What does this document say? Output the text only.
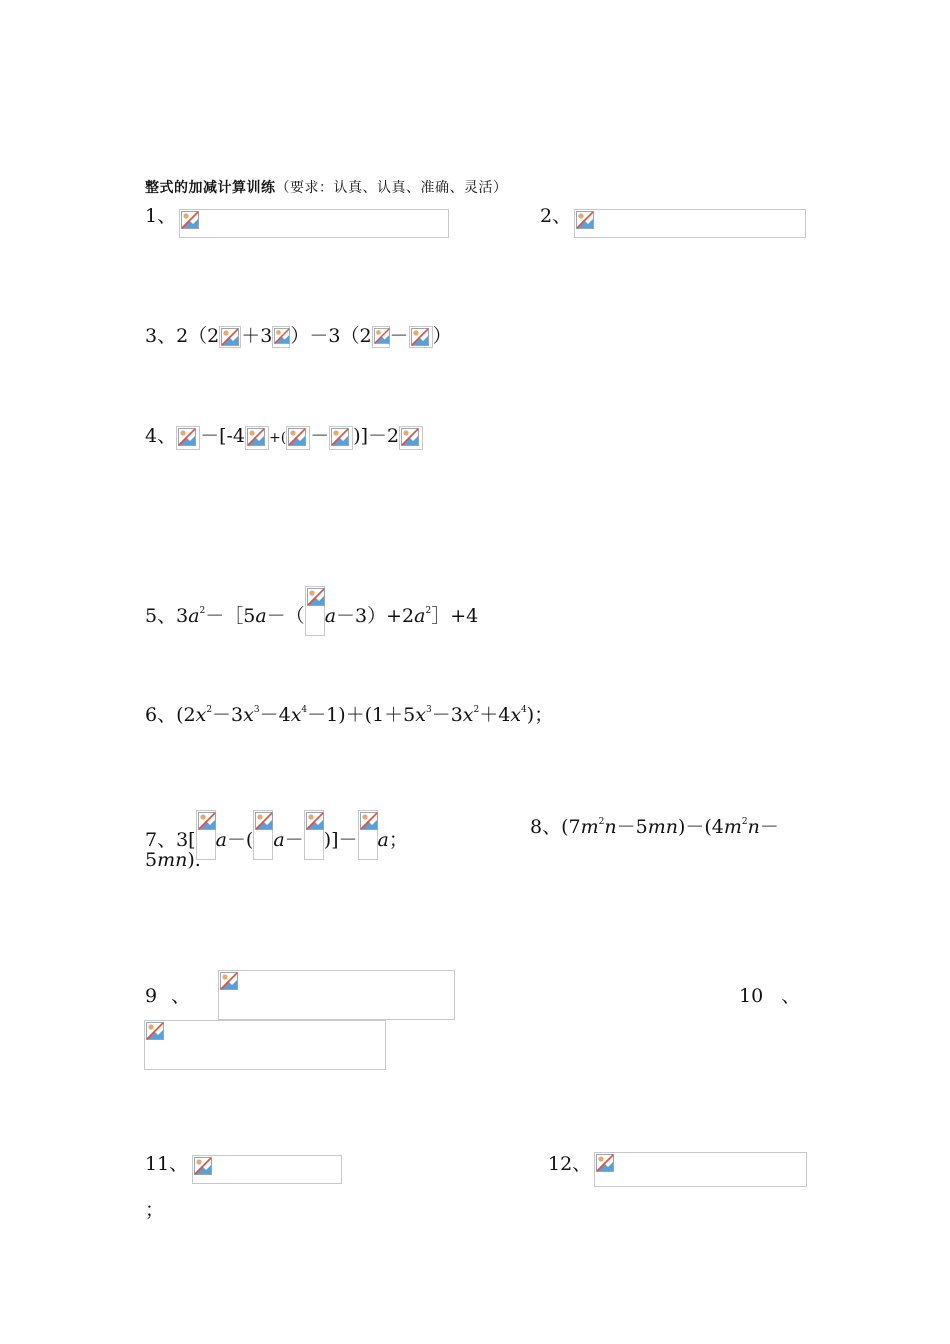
整式的加减计算训练（要求：认真、认真、准确、灵活）
1、	2、
3、2（2 ＋3 ）－3（2 － ）
4、 －[-4 +( － )]－2
5、$3a^2-[5a-$（ $a-3)+2a^2]+4$
6、$(2x^2-3x^3-4x^4-1)+(1+5x^3-3x^2+4x^4)$；
7、3[ a－( a－ )]－ a；
8、$(7m^2n-5mn)-(4m^2n-$
5mn).
9 、	10 、
11、	12、
；
